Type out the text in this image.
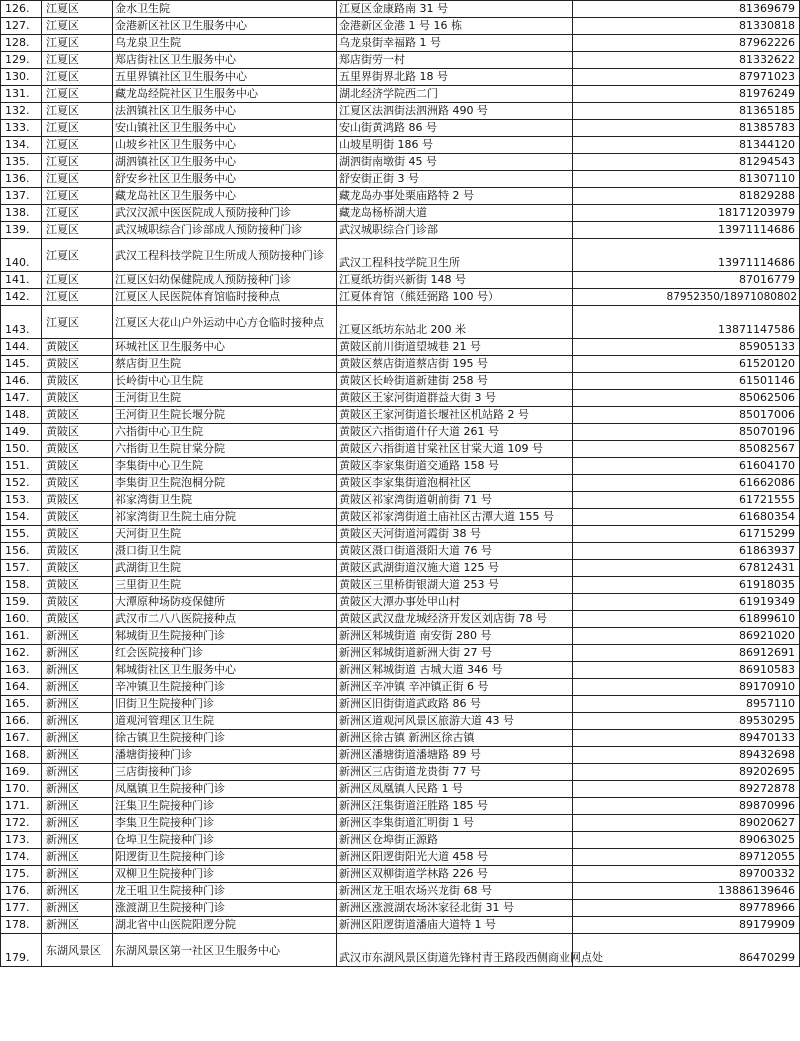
126.	江夏区	金水卫生院	江夏区金康路南 31 号	81369679
127.	江夏区	金港新区社区卫生服务中心	金港新区金港 1 号 16 栋	81330818
128.	江夏区	乌龙泉卫生院	乌龙泉街幸福路 1 号	87962226
129.	江夏区	郑店街社区卫生服务中心	郑店街劳一村	81332622
130.	江夏区	五里界镇社区卫生服务中心	五里界街界北路 18 号	87971023
131.	江夏区	藏龙岛经院社区卫生服务中心	湖北经济学院西二门	81976249
132.	江夏区	法泗镇社区卫生服务中心	江夏区法泗街法泗洲路 490 号	81365185
133.	江夏区	安山镇社区卫生服务中心	安山街黄鸿路 86 号	81385783
134.	江夏区	山坡乡社区卫生服务中心	山坡星明街 186 号	81344120
135.	江夏区	湖泗镇社区卫生服务中心	湖泗街南墩街 45 号	81294543
136.	江夏区	舒安乡社区卫生服务中心	舒安街正街 3 号	81307110
137.	江夏区	藏龙岛社区卫生服务中心	藏龙岛办事处栗庙路特 2 号	81829288
138.	江夏区	武汉汉派中医医院成人预防接种门诊	藏龙岛杨桥湖大道	18171203979
139.	江夏区	武汉城职综合门诊部成人预防接种门诊	武汉城职综合门诊部	13971114686
140.	江夏区	武汉工程科技学院卫生所成人预防接种门诊	武汉工程科技学院卫生所	13971114686
141.	江夏区	江夏区妇幼保健院成人预防接种门诊	江夏纸坊街兴新街 148 号	87016779
142.	江夏区	江夏区人民医院体育馆临时接种点	江夏体育馆（熊廷弼路 100 号）	87952350/18971080802
143.	江夏区	江夏区大花山户外运动中心方仓临时接种点	江夏区纸坊东站北 200 米	13871147586
144.	黄陂区	环城社区卫生服务中心	黄陂区前川街道望城巷 21 号	85905133
145.	黄陂区	蔡店街卫生院	黄陂区蔡店街道蔡店街 195 号	61520120
146.	黄陂区	长岭街中心卫生院	黄陂区长岭街道新建街 258 号	61501146
147.	黄陂区	王河街卫生院	黄陂区王家河街道群益大街 3 号	85062506
148.	黄陂区	王河街卫生院长堰分院	黄陂区王家河街道长堰社区机站路 2 号	85017006
149.	黄陂区	六指街中心卫生院	黄陂区六指街道什仔大道 261 号	85070196
150.	黄陂区	六指街卫生院甘棠分院	黄陂区六指街道甘棠社区甘棠大道 109 号	85082567
151.	黄陂区	李集街中心卫生院	黄陂区李家集街道交通路 158 号	61604170
152.	黄陂区	李集街卫生院泡桐分院	黄陂区李家集街道泡桐社区	61662086
153.	黄陂区	祁家湾街卫生院	黄陂区祁家湾街道朝前街 71 号	61721555
154.	黄陂区	祁家湾街卫生院土庙分院	黄陂区祁家湾街道土庙社区古潭大道 155 号	61680354
155.	黄陂区	天河街卫生院	黄陂区天河街道河霞街 38 号	61715299
156.	黄陂区	滠口街卫生院	黄陂区滠口街道滠阳大道 76 号	61863937
157.	黄陂区	武湖街卫生院	黄陂区武湖街道汉施大道 125 号	67812431
158.	黄陂区	三里街卫生院	黄陂区三里桥街银湖大道 253 号	61918035
159.	黄陂区	大潭原种场防疫保健所	黄陂区大潭办事处甲山村	61919349
160.	黄陂区	武汉市二八八医院接种点	黄陂区武汉盘龙城经济开发区刘店街 78 号	61899610
161.	新洲区	邾城街卫生院接种门诊	新洲区邾城街道 南安街 280 号	86921020
162.	新洲区	红会医院接种门诊	新洲区邾城街道新洲大街 27 号	86912691
163.	新洲区	邾城街社区卫生服务中心	新洲区邾城街道 古城大道 346 号	86910583
164.	新洲区	辛冲镇卫生院接种门诊	新洲区辛冲镇 辛冲镇正街 6 号	89170910
165.	新洲区	旧街卫生院接种门诊	新洲区旧街街道武政路 86 号	8957110
166.	新洲区	道观河管理区卫生院	新洲区道观河风景区旅游大道 43 号	89530295
167.	新洲区	徐古镇卫生院接种门诊	新洲区徐古镇 新洲区徐古镇	89470133
168.	新洲区	潘塘街接种门诊	新洲区潘塘街道潘塘路 89 号	89432698
169.	新洲区	三店街接种门诊	新洲区三店街道龙贵街 77 号	89202695
170.	新洲区	凤凰镇卫生院接种门诊	新洲区凤凰镇人民路 1 号	89272878
171.	新洲区	汪集卫生院接种门诊	新洲区汪集街道汪胜路 185 号	89870996
172.	新洲区	李集卫生院接种门诊	新洲区李集街道汇明街 1 号	89020627
173.	新洲区	仓埠卫生院接种门诊	新洲区仓埠街正源路	89063025
174.	新洲区	阳逻街卫生院接种门诊	新洲区阳逻街阳光大道 458 号	89712055
175.	新洲区	双柳卫生院接种门诊	新洲区双柳街道学林路 226 号	89700332
176.	新洲区	龙王咀卫生院接种门诊	新洲区龙王咀农场兴龙街 68 号	13886139646
177.	新洲区	涨渡湖卫生院接种门诊	新洲区涨渡湖农场沐家径北街 31 号	89778966
178.	新洲区	湖北省中山医院阳逻分院	新洲区阳逻街道潘庙大道特 1 号	89179909
179.	东湖风景区	东湖风景区第一社区卫生服务中心	武汉市东湖风景区街道先锋村青王路段西侧商业网点处	86470299
